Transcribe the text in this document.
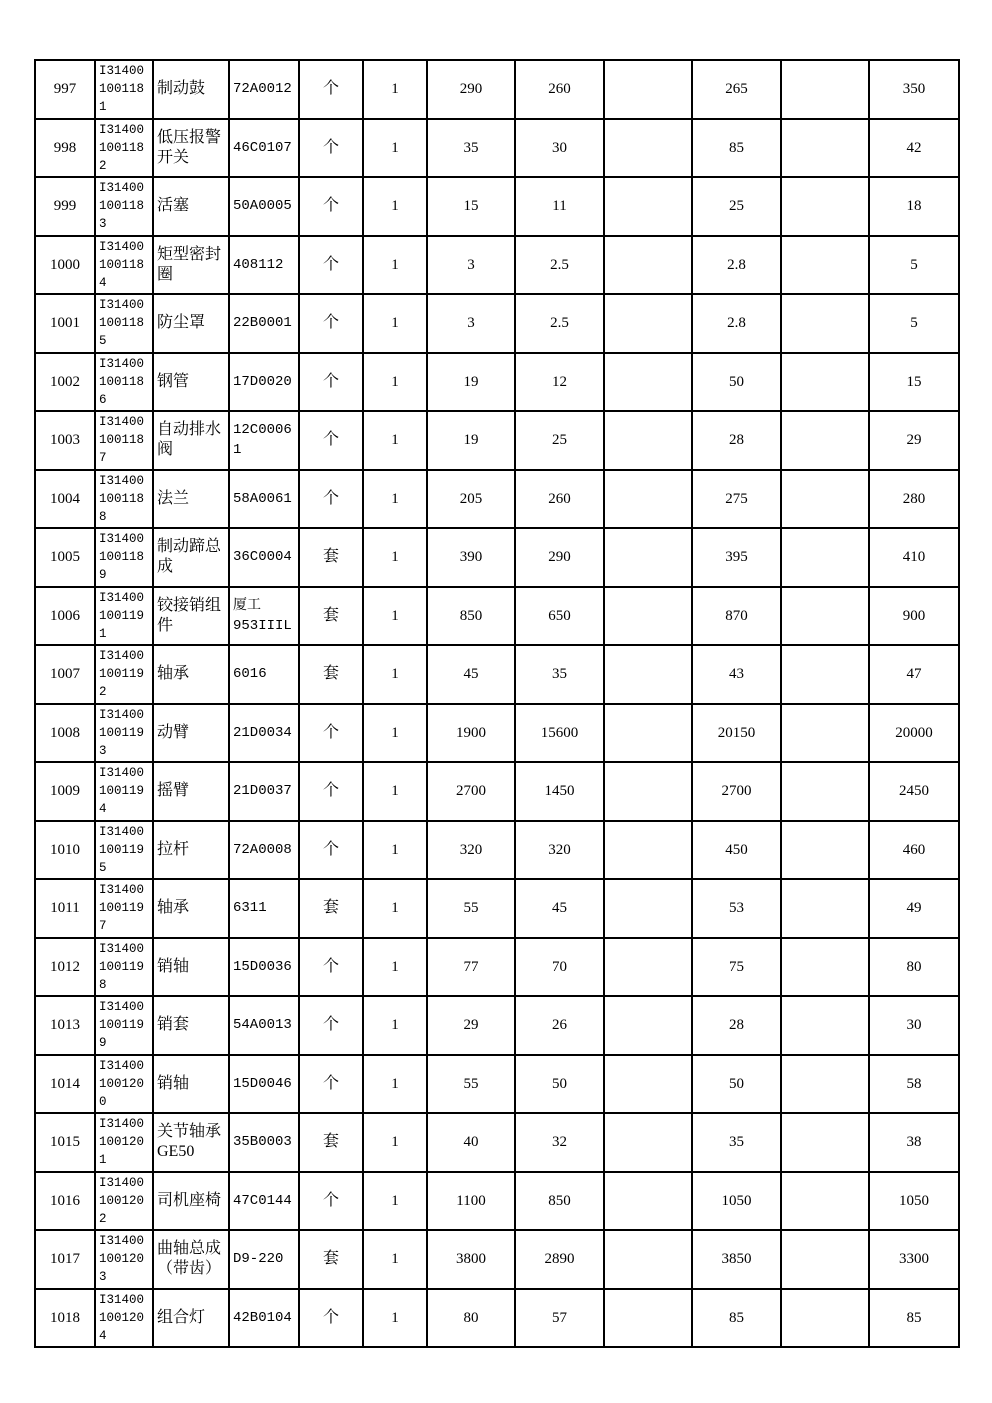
997	I314001001181	制动鼓	72A0012	个	1	290	260		265		350
998	I314001001182	低压报警开关	46C0107	个	1	35	30		85		42
999	I314001001183	活塞	50A0005	个	1	15	11		25		18
1000	I314001001184	矩型密封圈	408112	个	1	3	2.5		2.8		5
1001	I314001001185	防尘罩	22B0001	个	1	3	2.5		2.8		5
1002	I314001001186	钢管	17D0020	个	1	19	12		50		15
1003	I314001001187	自动排水阀	12C00061	个	1	19	25		28		29
1004	I314001001188	法兰	58A0061	个	1	205	260		275		280
1005	I314001001189	制动蹄总成	36C0004	套	1	390	290		395		410
1006	I314001001191	铰接销组件	厦工953IIIL	套	1	850	650		870		900
1007	I314001001192	轴承	6016	套	1	45	35		43		47
1008	I314001001193	动臂	21D0034	个	1	1900	15600		20150		20000
1009	I314001001194	摇臂	21D0037	个	1	2700	1450		2700		2450
1010	I314001001195	拉杆	72A0008	个	1	320	320		450		460
1011	I314001001197	轴承	6311	套	1	55	45		53		49
1012	I314001001198	销轴	15D0036	个	1	77	70		75		80
1013	I314001001199	销套	54A0013	个	1	29	26		28		30
1014	I314001001200	销轴	15D0046	个	1	55	50		50		58
1015	I314001001201	关节轴承GE50	35B0003	套	1	40	32		35		38
1016	I314001001202	司机座椅	47C0144	个	1	1100	850		1050		1050
1017	I314001001203	曲轴总成（带齿）	D9-220	套	1	3800	2890		3850		3300
1018	I314001001204	组合灯	42B0104	个	1	80	57		85		85
